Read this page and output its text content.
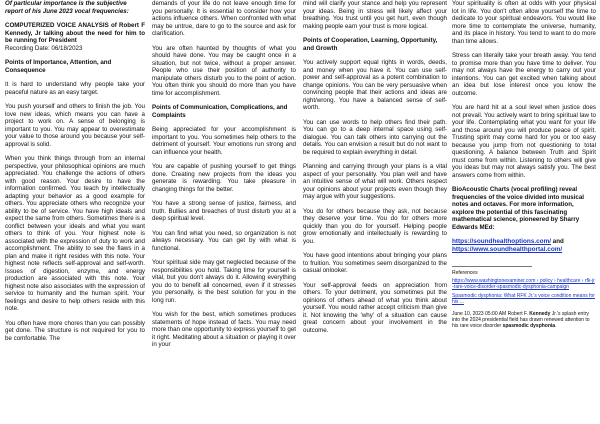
Of particular importance is the subjective report of his June 2023 vocal frequencies:

COMPUTERIZED VOICE ANALYSIS of Robert F Kennedy, Jr talking about the need for him to be running for President
Recording Date: 06/18/2023

Points of Importance, Attention, and Consequence

It is hard to understand why people take your peaceful nature as an easy target.

You push yourself and others to finish the job. You love new ideas, which means you can have a project to work on. A sense of belonging is important to you. You may appear to overestimate your value to those around you because your self-approval is solid.

When you think things through from an internal perspective, your philosophical opinions are much appreciated. You challenge the actions of others with good reason. Your desire to have the information confirmed. You teach by intellectually adapting your behavior as a good example for others. You appreciate others who recognize your ability to be of service. You have high ideals and expect the same from others. Sometimes there is a conflict between your ideals and what you want others to think of you. Your highest note is associated with the expression of duty to work and accomplishment. The ability to see the flaws in a plan and make it right resides with this note. Your highest note reflects self-approval and self-worth. Issues of digestion, enzyme, and energy production are associated with this note. Your highest note also associates with the expression of service to humanity and the human spirit. Your feelings and desire to help others reside with this note.

You often have more chores than you can possibly get done. The structure is not required for you to be comfortable. The

demands of your life do not leave enough time for you personally. It is essential to consider how your actions influence others. When confronted with what may be untrue, dare to go to the source and ask for clarification.

You are often haunted by thoughts of what you should have done. You may be caught once in a situation, but not twice, without a proper answer. People who use their position of authority to manipulate others disturb you to the point of action. You often think you should do more than you have time for accomplishment.

Points of Communication, Complications, and Complaints

Being appreciated for your accomplishment is important to you. You sometimes help others to the detriment of yourself. Your emotions run strong and can influence your health.

You are capable of pushing yourself to get things done. Creating new projects from the ideas you generate is rewarding. You take pleasure in changing things for the better.

You have a strong sense of justice, fairness, and truth. Bullies and breaches of trust disturb you at a deep spiritual level.

You can find what you need, so organization is not always necessary. You can get by with what is functional.

Your spiritual side may get neglected because of the responsibilities you hold. Taking time for yourself is vital, but you don't always do it. Allowing everything you do to benefit all concerned, even if it stresses you personally, is the best solution for you in the long run.

You wish for the best, which sometimes produces statements of hope instead of facts. You may need more than one opportunity to express yourself to get it right. Meditating about a situation or playing it over in your

mind will clarify your stance and help you represent your ideas. Being in stress will likely affect your breathing. You trust until you get hurt, even though making people earn your trust is more logical.

Points of Cooperation, Learning, Opportunity, and Growth

You actively support equal rights in words, deeds, and money when you have it. You can use self-power and self-approval as a potent combination to change opinions. You can be very persuasive when convincing people that their actions and ideas are right/wrong. You have a balanced sense of self-worth.

You can use words to help others find their path. You can go to a deep internal space using self-dialogue. You can talk others into carrying out the details. You can envision a result but do not want to be required to explain everything in detail.

Planning and carrying through your plans is a vital aspect of your personality. You plan well and have an intuitive sense of what will work. Others respect your opinions about your projects even though they may argue with your suggestions.

You do for others because they ask, not because they deserve your time. You do for others more quickly than you do for yourself. Helping people grow emotionally and intellectually is rewarding to you.

You have good intentions about bringing your plans to fruition. You sometimes seem disorganized to the casual onlooker.

Your self-approval feeds on appreciation from others. To your detriment, you sometimes put the opinions of others ahead of what you think about yourself. You would rather accept criticism than give it. Not knowing the 'why' of a situation can cause great concern about your involvement in the outcome.

Your spirituality is often at odds with your physical lot in life. You don't often allow yourself the time to dedicate to your spiritual endeavors. You would like more time to contemplate the universe, humanity, and its place in history. You tend to want to do more than time allows.

Stress can literally take your breath away. You tend to promise more than you have time to deliver. You may not always have the energy to carry out your intentions. You can get excited when talking about an idea but lose interest once you know the outcome.

You are hard hit at a soul level when justice does not prevail. You actively want to bring spiritual law to your life. Contemplating what you want for your life and those around you will produce peace of spirit. Trusting spirit may come hard for you or too easy because you jump from not questioning to total questioning. A balance between Truth and Spirit must come from within. Listening to others will give you ideas but may not always satisfy you. The best answers come from within.

BioAcoustic Charts (vocal profiling) reveal frequencies of the voice divided into musical notes and octaves. For more information, explore the potential of this fascinating mathematical science, pioneered by Sharry Edwards MEd:

https://soundhealthoptions.com/ and
https://www.soundhealthportal.com/

References

https://www.washingtonexaminer.com › policy › healthcare › rfk-jr-rare-voice-disorder-spasmodic-dysphonia-campaign

Spasmodic dysphonia: What RFK Jr.'s voice condition means for his ...

June 10, 2023 05:00 AM Robert F. Kennedy Jr.'s splash entry into the 2024 presidential field has drawn renewed attention to his rare voice disorder spasmodic dysphonia.
